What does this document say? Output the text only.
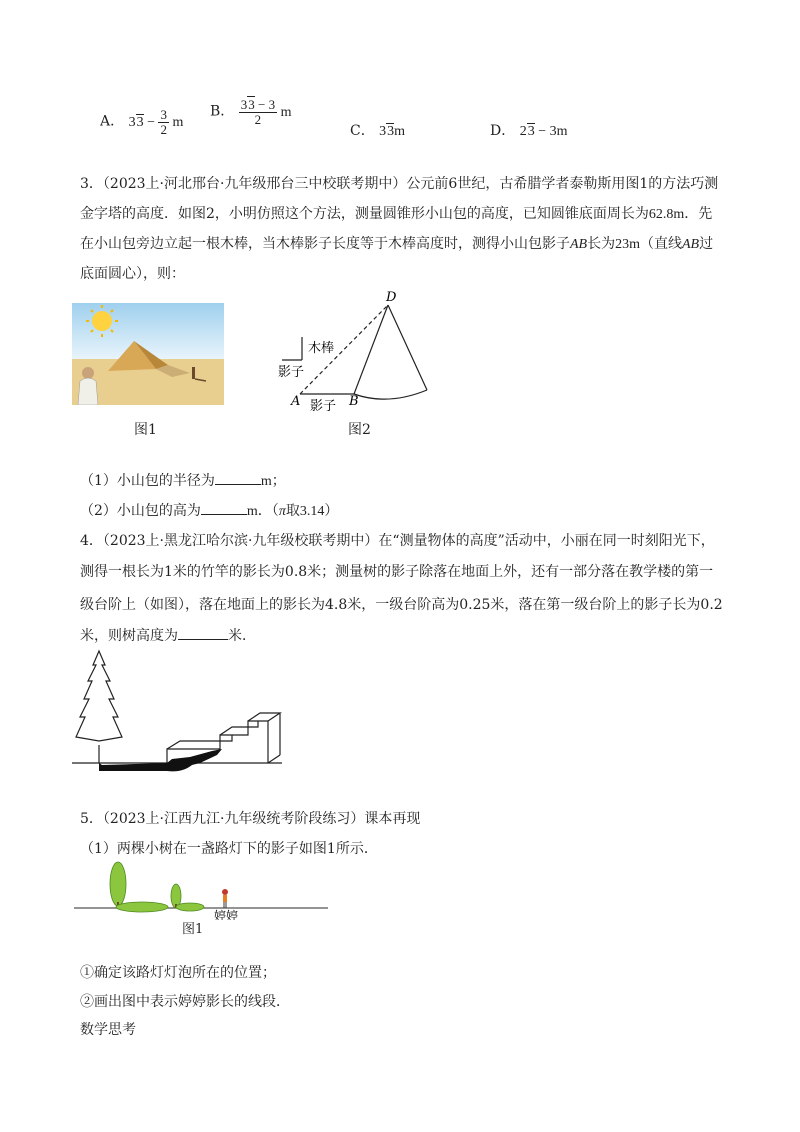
A． $33 - \frac{3}{2}$ m
B． $\frac{33 - 3}{2}$ m
C． 33m	D． 23 − 3m
3．（2023上·河北邢台·九年级邢台三中校联考期中）公元前6世纪，古希腊学者泰勒斯用图1的方法巧测
金字塔的高度．如图2，小明仿照这个方法，测量圆锥形小山包的高度，已知圆锥底面周长为62.8m．先
在小山包旁边立起一根木棒，当木棒影子长度等于木棒高度时，测得小山包影子AB长为23m（直线AB过
底面圆心），则：
图1
D
A	B
木棒
影子
影子
图2
（1）小山包的半径为	m；
（2）小山包的高为	m．（π取3.14）
4．（2023上·黑龙江哈尔滨·九年级校联考期中）在“测量物体的高度”活动中，小丽在同一时刻阳光下，
测得一根长为1米的竹竿的影长为0.8米；测量树的影子除落在地面上外，还有一部分落在教学楼的第一
级台阶上（如图），落在地面上的影长为4.8米，一级台阶高为0.25米，落在第一级台阶上的影子长为0.2
米，则树高度为	米．
5．（2023上·江西九江·九年级统考阶段练习）课本再现
（1）两棵小树在一盏路灯下的影子如图1所示．
婷婷
图1
①确定该路灯灯泡所在的位置；
②画出图中表示婷婷影长的线段．
数学思考
